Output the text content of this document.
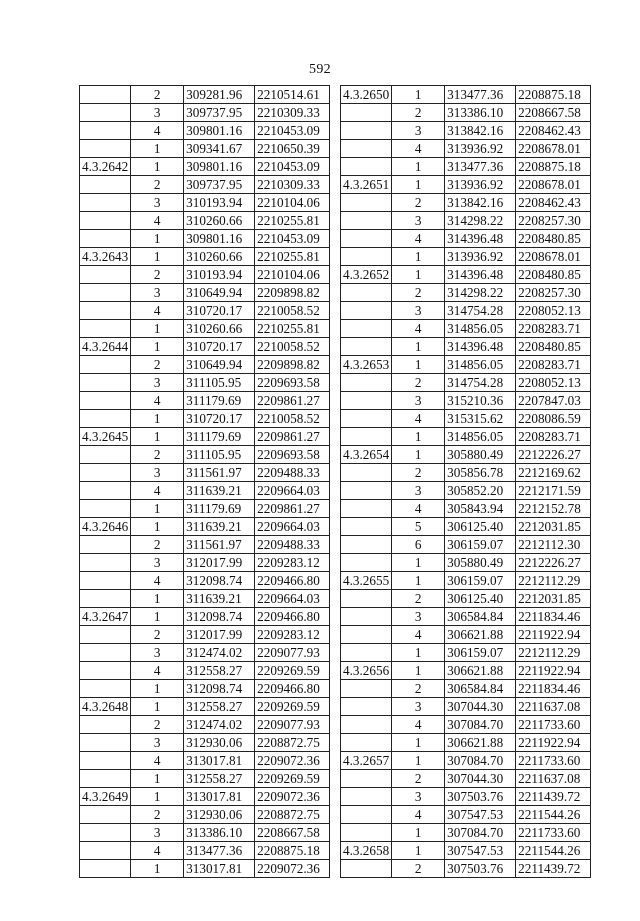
592
	2	309281.96	2210514.61
	3	309737.95	2210309.33
	4	309801.16	2210453.09
	1	309341.67	2210650.39
4.3.2642	1	309801.16	2210453.09
	2	309737.95	2210309.33
	3	310193.94	2210104.06
	4	310260.66	2210255.81
	1	309801.16	2210453.09
4.3.2643	1	310260.66	2210255.81
	2	310193.94	2210104.06
	3	310649.94	2209898.82
	4	310720.17	2210058.52
	1	310260.66	2210255.81
4.3.2644	1	310720.17	2210058.52
	2	310649.94	2209898.82
	3	311105.95	2209693.58
	4	311179.69	2209861.27
	1	310720.17	2210058.52
4.3.2645	1	311179.69	2209861.27
	2	311105.95	2209693.58
	3	311561.97	2209488.33
	4	311639.21	2209664.03
	1	311179.69	2209861.27
4.3.2646	1	311639.21	2209664.03
	2	311561.97	2209488.33
	3	312017.99	2209283.12
	4	312098.74	2209466.80
	1	311639.21	2209664.03
4.3.2647	1	312098.74	2209466.80
	2	312017.99	2209283.12
	3	312474.02	2209077.93
	4	312558.27	2209269.59
	1	312098.74	2209466.80
4.3.2648	1	312558.27	2209269.59
	2	312474.02	2209077.93
	3	312930.06	2208872.75
	4	313017.81	2209072.36
	1	312558.27	2209269.59
4.3.2649	1	313017.81	2209072.36
	2	312930.06	2208872.75
	3	313386.10	2208667.58
	4	313477.36	2208875.18
	1	313017.81	2209072.36
4.3.2650	1	313477.36	2208875.18
	2	313386.10	2208667.58
	3	313842.16	2208462.43
	4	313936.92	2208678.01
	1	313477.36	2208875.18
4.3.2651	1	313936.92	2208678.01
	2	313842.16	2208462.43
	3	314298.22	2208257.30
	4	314396.48	2208480.85
	1	313936.92	2208678.01
4.3.2652	1	314396.48	2208480.85
	2	314298.22	2208257.30
	3	314754.28	2208052.13
	4	314856.05	2208283.71
	1	314396.48	2208480.85
4.3.2653	1	314856.05	2208283.71
	2	314754.28	2208052.13
	3	315210.36	2207847.03
	4	315315.62	2208086.59
	1	314856.05	2208283.71
4.3.2654	1	305880.49	2212226.27
	2	305856.78	2212169.62
	3	305852.20	2212171.59
	4	305843.94	2212152.78
	5	306125.40	2212031.85
	6	306159.07	2212112.30
	1	305880.49	2212226.27
4.3.2655	1	306159.07	2212112.29
	2	306125.40	2212031.85
	3	306584.84	2211834.46
	4	306621.88	2211922.94
	1	306159.07	2212112.29
4.3.2656	1	306621.88	2211922.94
	2	306584.84	2211834.46
	3	307044.30	2211637.08
	4	307084.70	2211733.60
	1	306621.88	2211922.94
4.3.2657	1	307084.70	2211733.60
	2	307044.30	2211637.08
	3	307503.76	2211439.72
	4	307547.53	2211544.26
	1	307084.70	2211733.60
4.3.2658	1	307547.53	2211544.26
	2	307503.76	2211439.72
